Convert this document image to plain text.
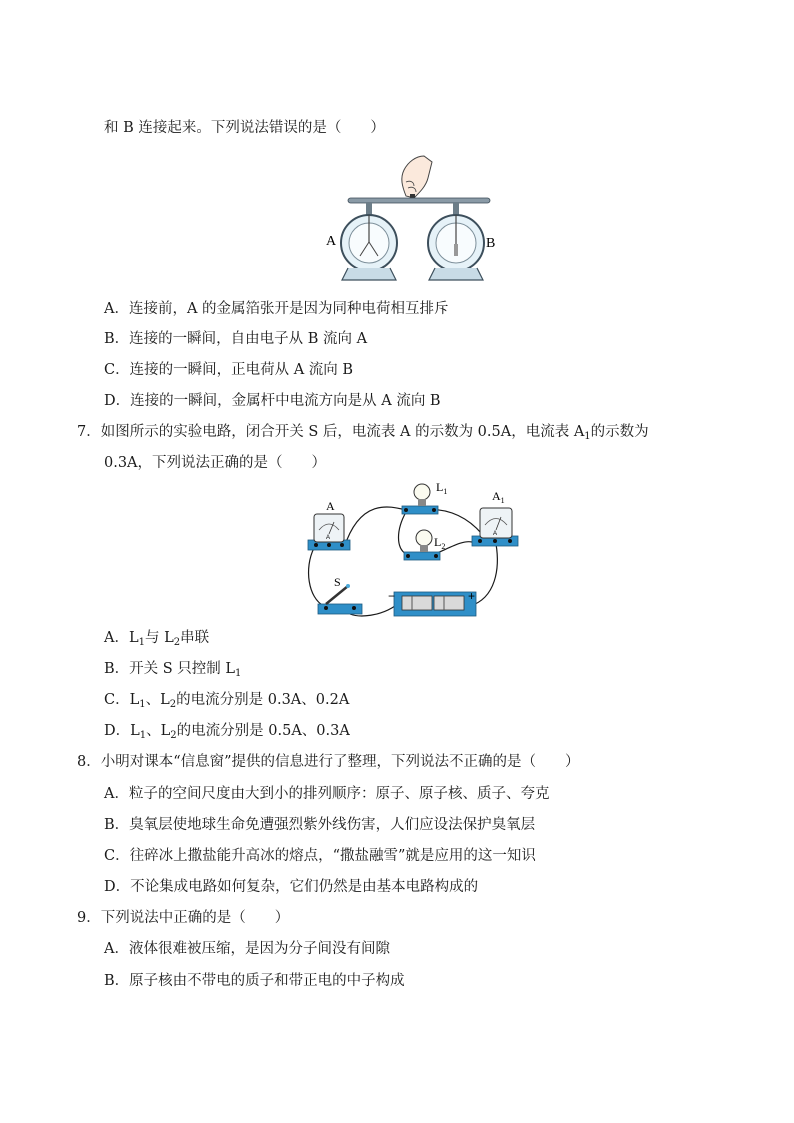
和 B 连接起来。下列说法错误的是（　　）
A	B
A．连接前，A 的金属箔张开是因为同种电荷相互排斥
B．连接的一瞬间，自由电子从 B 流向 A
C．连接的一瞬间，正电荷从 A 流向 B
D．连接的一瞬间，金属杆中电流方向是从 A 流向 B
7．如图所示的实验电路，闭合开关 S 后，电流表 A 的示数为 0.5A，电流表 $A_1$的示数为
0.3A，下列说法正确的是（　　）
A
A
$L_1$
$L_2$
A
$A_1$
S
−	+
A．$L_1$与 $L_2$串联
B．开关 S 只控制 $L_1$
C．$L_1$、$L_2$的电流分别是 0.3A、0.2A
D．$L_1$、$L_2$的电流分别是 0.5A、0.3A
8．小明对课本“信息窗”提供的信息进行了整理，下列说法不正确的是（　　）
A．粒子的空间尺度由大到小的排列顺序：原子、原子核、质子、夸克
B．臭氧层使地球生命免遭强烈紫外线伤害，人们应设法保护臭氧层
C．往碎冰上撒盐能升高冰的熔点，“撒盐融雪”就是应用的这一知识
D．不论集成电路如何复杂，它们仍然是由基本电路构成的
9．下列说法中正确的是（　　）
A．液体很难被压缩，是因为分子间没有间隙
B．原子核由不带电的质子和带正电的中子构成
